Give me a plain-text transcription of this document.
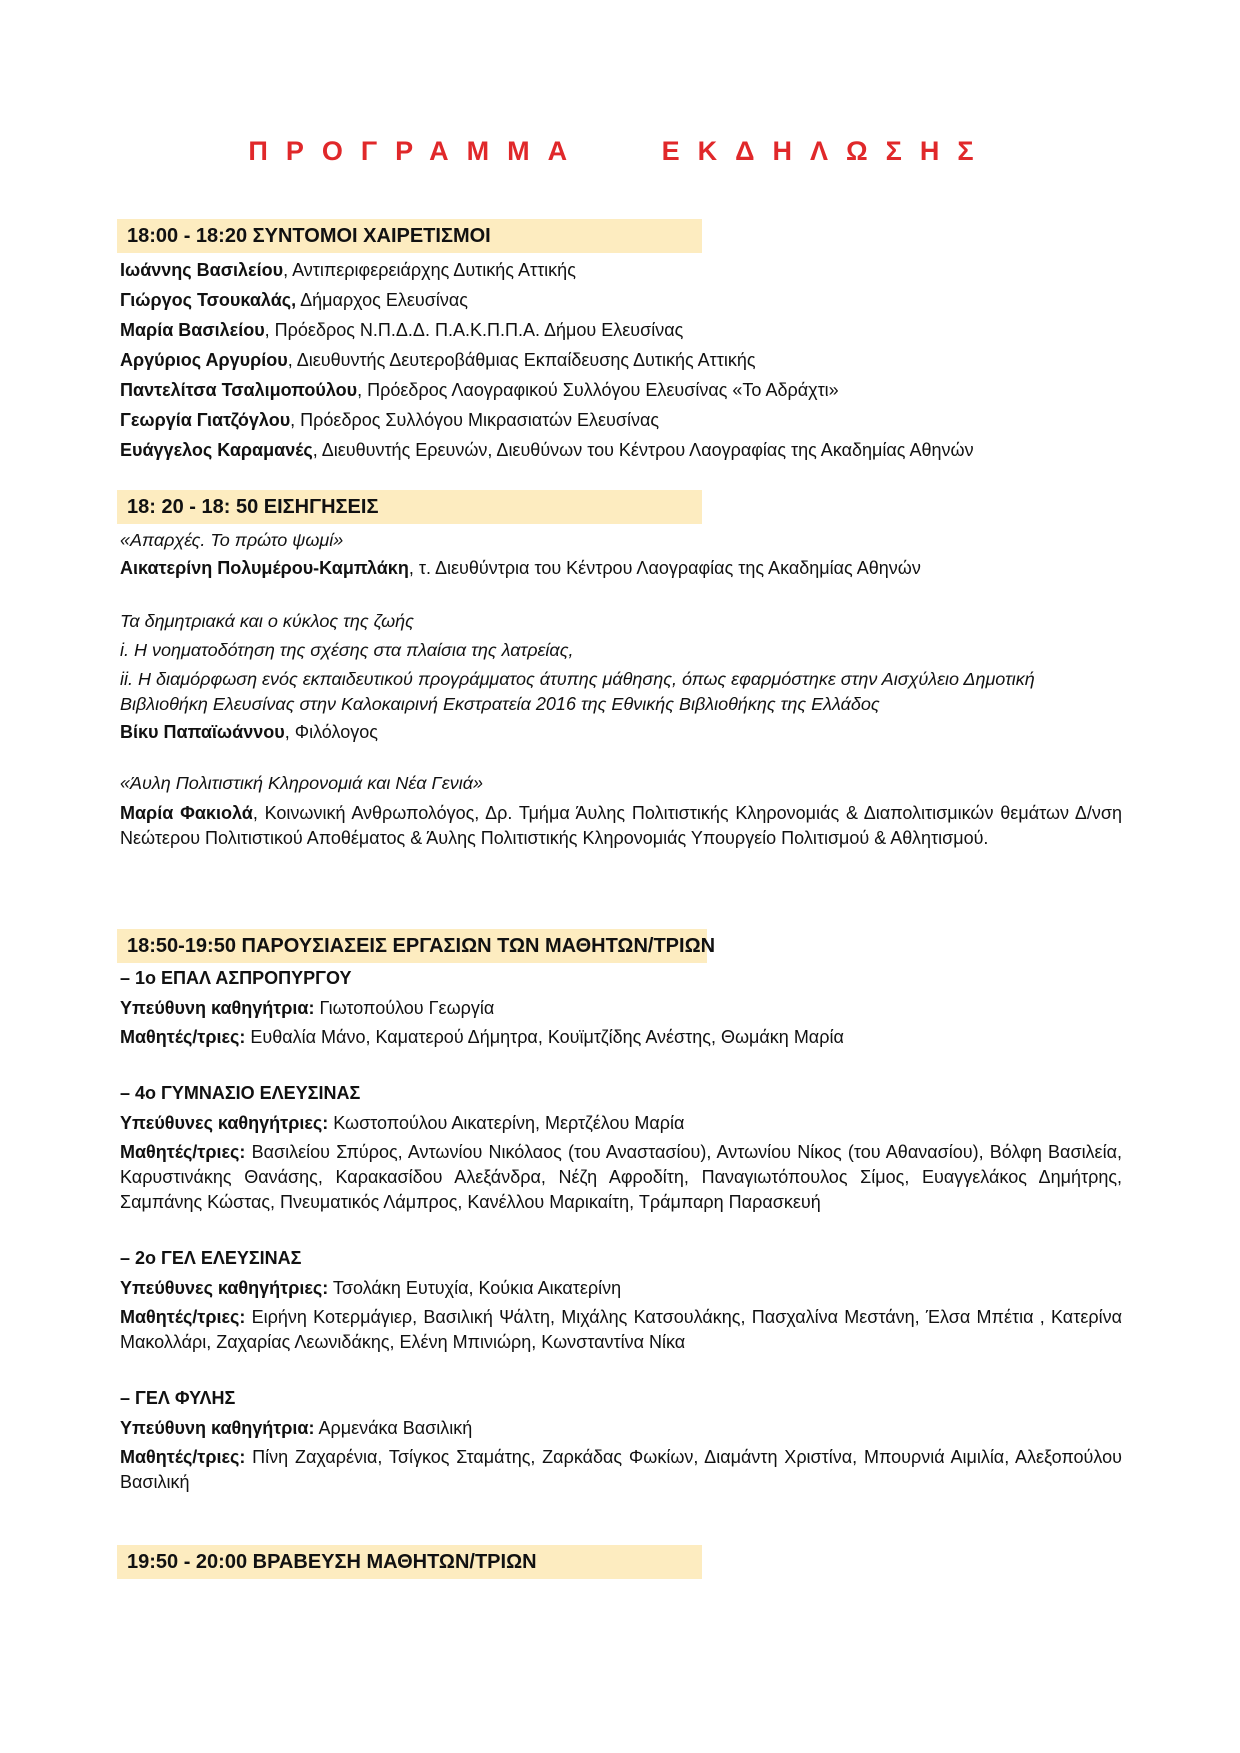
ΠΡΟΓΡΑΜΜΑ   ΕΚΔΗΛΩΣΗΣ
18:00 - 18:20 ΣΥΝΤΟΜΟΙ ΧΑΙΡΕΤΙΣΜΟΙ
Ιωάννης Βασιλείου, Αντιπεριφερειάρχης Δυτικής Αττικής
Γιώργος Τσουκαλάς, Δήμαρχος Ελευσίνας
Μαρία Βασιλείου, Πρόεδρος Ν.Π.Δ.Δ. Π.Α.Κ.Π.Π.Α. Δήμου Ελευσίνας
Αργύριος Αργυρίου, Διευθυντής Δευτεροβάθμιας Εκπαίδευσης Δυτικής Αττικής
Παντελίτσα Τσαλιμοπούλου, Πρόεδρος Λαογραφικού Συλλόγου Ελευσίνας «Το Αδράχτι»
Γεωργία Γιατζόγλου, Πρόεδρος Συλλόγου Μικρασιατών Ελευσίνας
Ευάγγελος Καραμανές, Διευθυντής Ερευνών, Διευθύνων του Κέντρου Λαογραφίας της Ακαδημίας Αθηνών
18: 20 - 18: 50 ΕΙΣΗΓΗΣΕΙΣ
«Απαρχές. Το πρώτο ψωμί»
Αικατερίνη Πολυμέρου-Καμπλάκη, τ. Διευθύντρια του Κέντρου Λαογραφίας της Ακαδημίας Αθηνών
Τα δημητριακά και ο κύκλος της ζωής
i. Η νοηματοδότηση της σχέσης στα πλαίσια της λατρείας,
ii. Η διαμόρφωση ενός εκπαιδευτικού προγράμματος άτυπης μάθησης, όπως εφαρμόστηκε στην Αισχύλειο Δημοτική Βιβλιοθήκη Ελευσίνας στην Καλοκαιρινή Εκστρατεία 2016 της Εθνικής Βιβλιοθήκης της Ελλάδος
Βίκυ Παπαϊωάννου, Φιλόλογος
«Άυλη Πολιτιστική Κληρονομιά και Νέα Γενιά»
Μαρία Φακιολά, Κοινωνική Ανθρωπολόγος, Δρ. Τμήμα Άυλης Πολιτιστικής Κληρονομιάς & Διαπολιτισμικών θεμάτων Δ/νση Νεώτερου Πολιτιστικού Αποθέματος & Άυλης Πολιτιστικής Κληρονομιάς Υπουργείο Πολιτισμού & Αθλητισμού.
18:50-19:50 ΠΑΡΟΥΣΙΑΣΕΙΣ ΕΡΓΑΣΙΩΝ ΤΩΝ ΜΑΘΗΤΩΝ/ΤΡΙΩΝ
– 1ο ΕΠΑΛ ΑΣΠΡΟΠΥΡΓΟΥ
Υπεύθυνη καθηγήτρια: Γιωτοπούλου Γεωργία
Μαθητές/τριες: Ευθαλία Μάνο, Καματερού Δήμητρα, Κουϊμτζίδης Ανέστης, Θωμάκη Μαρία
– 4ο ΓΥΜΝΑΣΙΟ ΕΛΕΥΣΙΝΑΣ
Υπεύθυνες καθηγήτριες: Κωστοπούλου Αικατερίνη, Μερτζέλου Μαρία
Μαθητές/τριες: Βασιλείου Σπύρος, Αντωνίου Νικόλαος (του Αναστασίου), Αντωνίου Νίκος (του Αθανασίου), Βόλφη Βασιλεία, Καρυστινάκης Θανάσης, Καρακασίδου Αλεξάνδρα, Νέζη Αφροδίτη, Παναγιωτόπουλος Σίμος, Ευαγγελάκος Δημήτρης, Σαμπάνης Κώστας, Πνευματικός Λάμπρος, Κανέλλου Μαρικαίτη, Τράμπαρη Παρασκευή
– 2ο ΓΕΛ ΕΛΕΥΣΙΝΑΣ
Υπεύθυνες καθηγήτριες: Τσολάκη Ευτυχία, Κούκια Αικατερίνη
Μαθητές/τριες: Ειρήνη Κοτερμάγιερ, Βασιλική Ψάλτη, Μιχάλης Κατσουλάκης, Πασχαλίνα Μεστάνη, Έλσα Μπέτια , Κατερίνα Μακολλάρι, Ζαχαρίας Λεωνιδάκης, Ελένη Μπινιώρη, Κωνσταντίνα Νίκα
– ΓΕΛ ΦΥΛΗΣ
Υπεύθυνη καθηγήτρια: Αρμενάκα Βασιλική
Μαθητές/τριες: Πίνη Ζαχαρένια, Τσίγκος Σταμάτης, Ζαρκάδας Φωκίων, Διαμάντη Χριστίνα, Μπουρνιά Αιμιλία, Αλεξοπούλου Βασιλική
19:50 - 20:00 ΒΡΑΒΕΥΣΗ ΜΑΘΗΤΩΝ/ΤΡΙΩΝ
